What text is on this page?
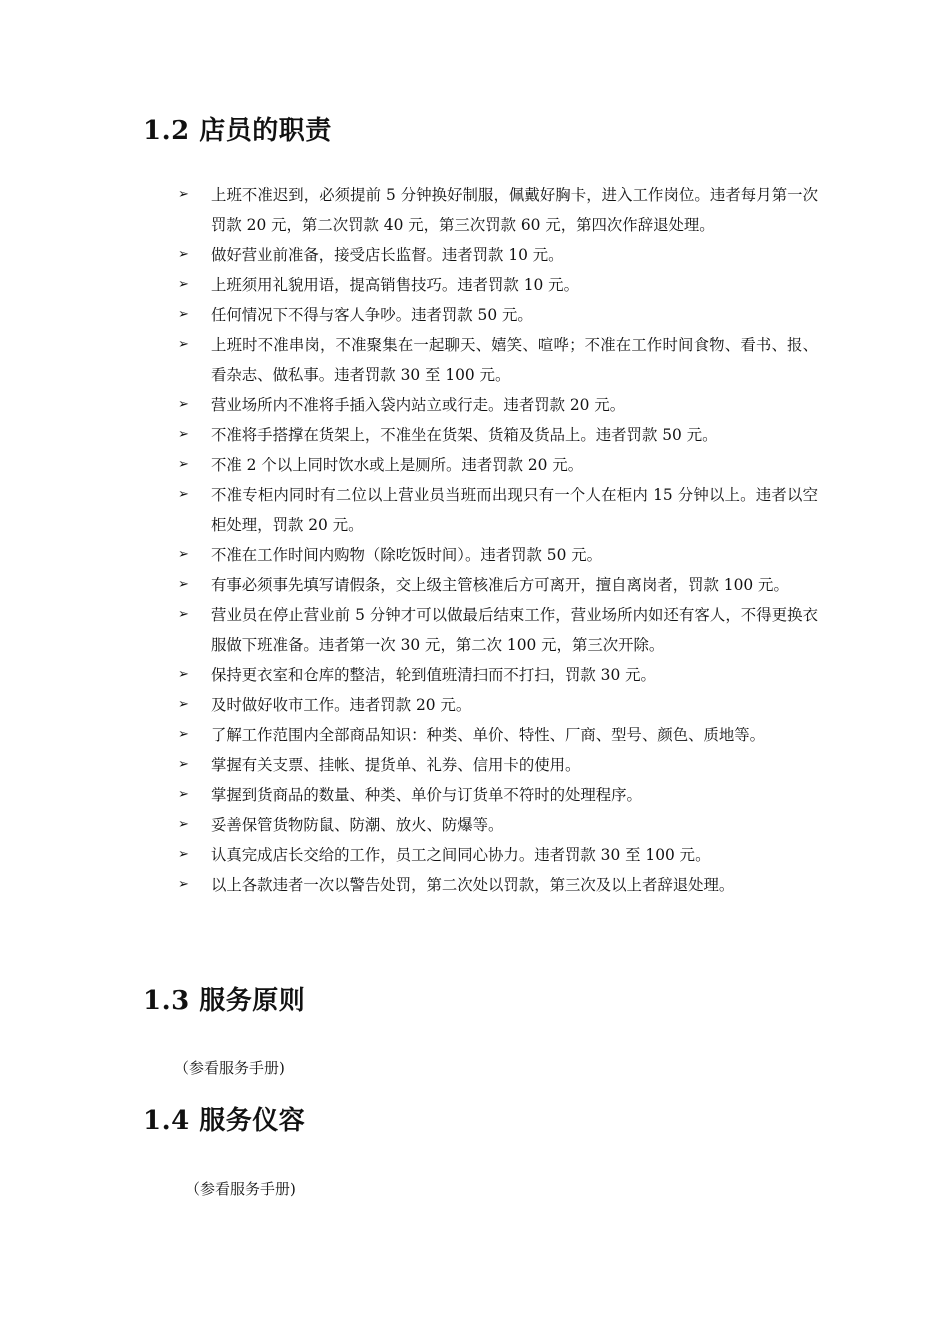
1.2 店员的职责
➢	上班不准迟到，必须提前 5 分钟换好制服，佩戴好胸卡，进入工作岗位。违者每月第一次罚款 20 元，第二次罚款 40 元，第三次罚款 60 元，第四次作辞退处理。
➢	做好营业前准备，接受店长监督。违者罚款 10 元。
➢	上班须用礼貌用语，提高销售技巧。违者罚款 10 元。
➢	任何情况下不得与客人争吵。违者罚款 50 元。
➢	上班时不准串岗，不准聚集在一起聊天、嬉笑、喧哗；不准在工作时间食物、看书、报、看杂志、做私事。违者罚款 30 至 100 元。
➢	营业场所内不准将手插入袋内站立或行走。违者罚款 20 元。
➢	不准将手搭撑在货架上，不准坐在货架、货箱及货品上。违者罚款 50 元。
➢	不准 2 个以上同时饮水或上是厕所。违者罚款 20 元。
➢	不准专柜内同时有二位以上营业员当班而出现只有一个人在柜内 15 分钟以上。违者以空柜处理，罚款 20 元。
➢	不准在工作时间内购物（除吃饭时间）。违者罚款 50 元。
➢	有事必须事先填写请假条，交上级主管核准后方可离开，擅自离岗者，罚款 100 元。
➢	营业员在停止营业前 5 分钟才可以做最后结束工作，营业场所内如还有客人，不得更换衣服做下班准备。违者第一次 30 元，第二次 100 元，第三次开除。
➢	保持更衣室和仓库的整洁，轮到值班清扫而不打扫，罚款 30 元。
➢	及时做好收市工作。违者罚款 20 元。
➢	了解工作范围内全部商品知识：种类、单价、特性、厂商、型号、颜色、质地等。
➢	掌握有关支票、挂帐、提货单、礼券、信用卡的使用。
➢	掌握到货商品的数量、种类、单价与订货单不符时的处理程序。
➢	妥善保管货物防鼠、防潮、放火、防爆等。
➢	认真完成店长交给的工作，员工之间同心协力。违者罚款 30 至 100 元。
➢	以上各款违者一次以警告处罚，第二次处以罚款，第三次及以上者辞退处理。
1.3 服务原则

（参看服务手册)

1.4 服务仪容

（参看服务手册)
